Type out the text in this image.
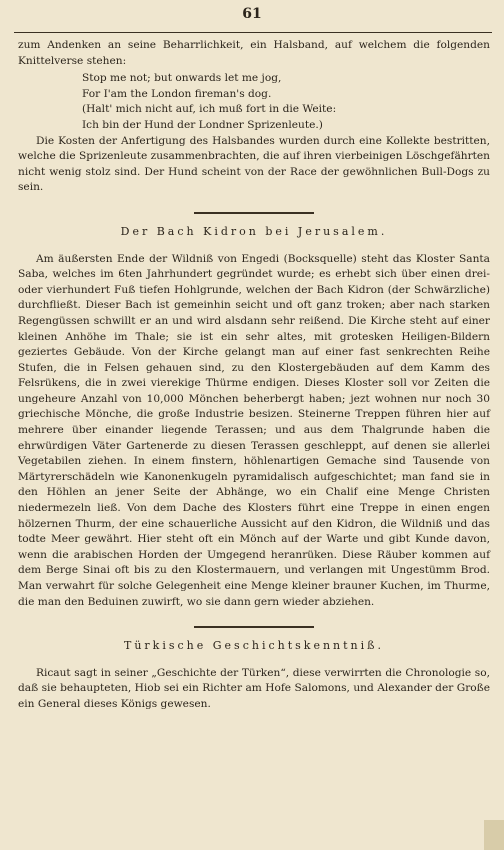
61

zum Andenken an seine Beharrlichkeit, ein Halsband, auf welchem die folgenden Knittelverse stehen:

Stop me not; but onwards let me jog,
For I'am the London fireman's dog.
(Halt' mich nicht auf, ich muß fort in die Weite:
Ich bin der Hund der Londner Sprizenleute.)

Die Kosten der Anfertigung des Halsbandes wurden durch eine Kollekte bestritten, welche die Sprizenleute zusammenbrachten, die auf ihren vierbeinigen Löschgefährten nicht wenig stolz sind. Der Hund scheint von der Race der gewöhnlichen Bull-Dogs zu sein.

Der Bach Kidron bei Jerusalem.

Am äußersten Ende der Wildniß von Engedi (Bocksquelle) steht das Kloster Santa Saba, welches im 6ten Jahrhundert gegründet wurde; es erhebt sich über einen drei- oder vierhundert Fuß tiefen Hohlgrunde, welchen der Bach Kidron (der Schwärzliche) durchfließt. Dieser Bach ist gemeinhin seicht und oft ganz troken; aber nach starken Regengüssen schwillt er an und wird alsdann sehr reißend. Die Kirche steht auf einer kleinen Anhöhe im Thale; sie ist ein sehr altes, mit grotesken Heiligen-Bildern geziertes Gebäude. Von der Kirche gelangt man auf einer fast senkrechten Reihe Stufen, die in Felsen gehauen sind, zu den Klostergebäuden auf dem Kamm des Felsrükens, die in zwei vierekige Thürme endigen. Dieses Kloster soll vor Zeiten die ungeheure Anzahl von 10,000 Mönchen beherbergt haben; jezt wohnen nur noch 30 griechische Mönche, die große Industrie besizen. Steinerne Treppen führen hier auf mehrere über einander liegende Terassen; und aus dem Thalgrunde haben die ehrwürdigen Väter Gartenerde zu diesen Terassen geschleppt, auf denen sie allerlei Vegetabilen ziehen. In einem finstern, höhlenartigen Gemache sind Tausende von Märtyrerschädeln wie Kanonenkugeln pyramidalisch aufgeschichtet; man fand sie in den Höhlen an jener Seite der Abhänge, wo ein Chalif eine Menge Christen niedermezeln ließ. Von dem Dache des Klosters führt eine Treppe in einen engen hölzernen Thurm, der eine schauerliche Aussicht auf den Kidron, die Wildniß und das todte Meer gewährt. Hier steht oft ein Mönch auf der Warte und gibt Kunde davon, wenn die arabischen Horden der Umgegend heranrüken. Diese Räuber kommen auf dem Berge Sinai oft bis zu den Klostermauern, und verlangen mit Ungestümm Brod. Man verwahrt für solche Gelegenheit eine Menge kleiner brauner Kuchen, im Thurme, die man den Beduinen zuwirft, wo sie dann gern wieder abziehen.

Türkische Geschichtskenntniß.

Ricaut sagt in seiner „Geschichte der Türken“, diese verwirrten die Chronologie so, daß sie behaupteten, Hiob sei ein Richter am Hofe Salomons, und Alexander der Große ein General dieses Königs gewesen.
